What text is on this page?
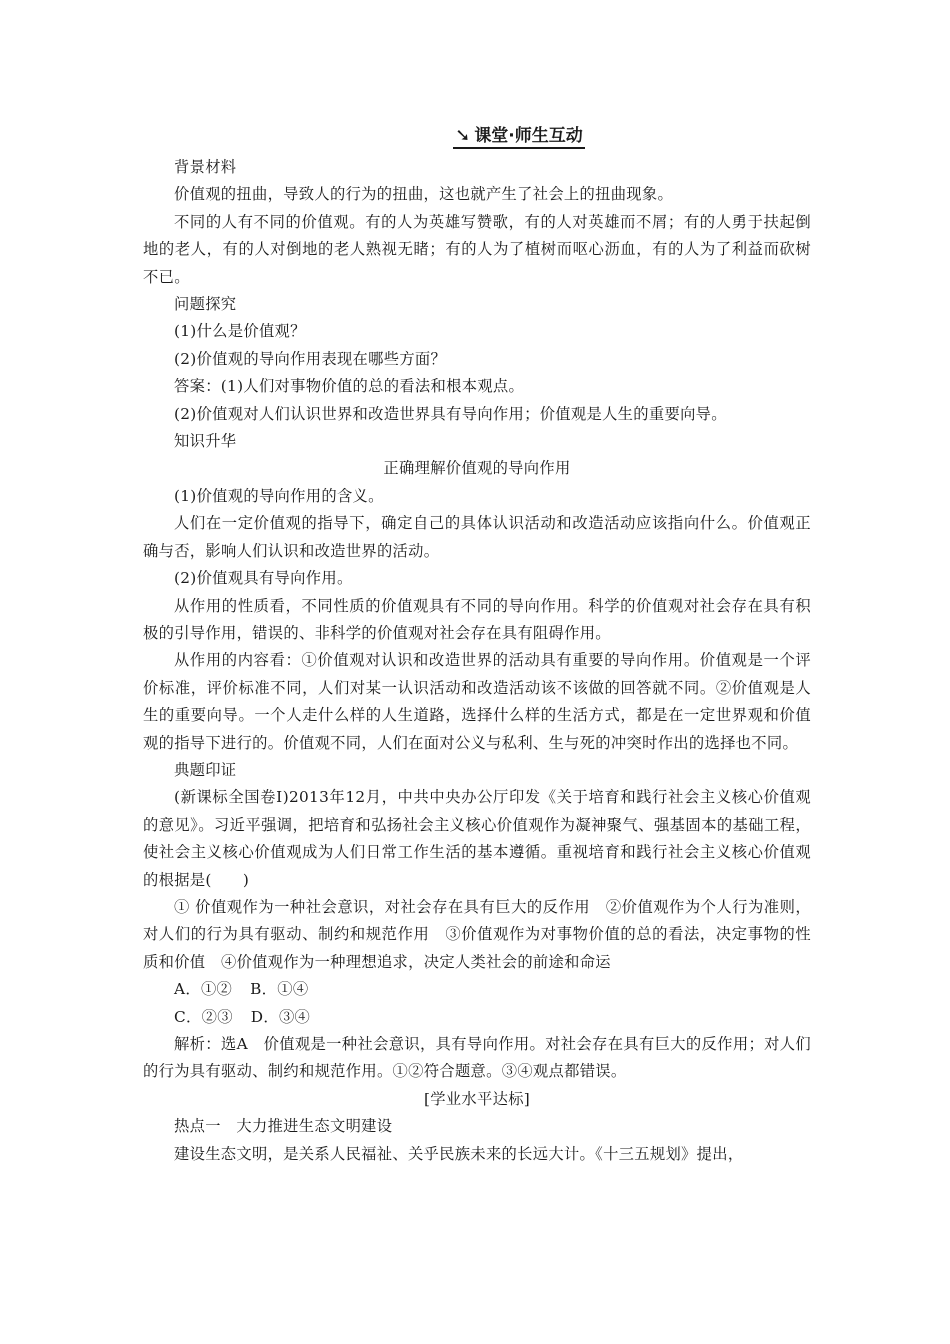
➘ 课堂·师生互动

背景材料

价值观的扭曲，导致人的行为的扭曲，这也就产生了社会上的扭曲现象。

不同的人有不同的价值观。有的人为英雄写赞歌，有的人对英雄而不屑；有的人勇于扶起倒地的老人，有的人对倒地的老人熟视无睹；有的人为了植树而呕心沥血，有的人为了利益而砍树不已。

问题探究

(1)什么是价值观？

(2)价值观的导向作用表现在哪些方面？

答案：(1)人们对事物价值的总的看法和根本观点。

(2)价值观对人们认识世界和改造世界具有导向作用；价值观是人生的重要向导。

知识升华

正确理解价值观的导向作用

(1)价值观的导向作用的含义。

人们在一定价值观的指导下，确定自己的具体认识活动和改造活动应该指向什么。价值观正确与否，影响人们认识和改造世界的活动。

(2)价值观具有导向作用。

从作用的性质看，不同性质的价值观具有不同的导向作用。科学的价值观对社会存在具有积极的引导作用，错误的、非科学的价值观对社会存在具有阻碍作用。

从作用的内容看：①价值观对认识和改造世界的活动具有重要的导向作用。价值观是一个评价标准，评价标准不同，人们对某一认识活动和改造活动该不该做的回答就不同。②价值观是人生的重要向导。一个人走什么样的人生道路，选择什么样的生活方式，都是在一定世界观和价值观的指导下进行的。价值观不同，人们在面对公义与私利、生与死的冲突时作出的选择也不同。

典题印证

(新课标全国卷Ⅰ)2013年12月，中共中央办公厅印发《关于培育和践行社会主义核心价值观的意见》。习近平强调，把培育和弘扬社会主义核心价值观作为凝神聚气、强基固本的基础工程，使社会主义核心价值观成为人们日常工作生活的基本遵循。重视培育和践行社会主义核心价值观的根据是(　　)

① 价值观作为一种社会意识，对社会存在具有巨大的反作用　②价值观作为个人行为准则，对人们的行为具有驱动、制约和规范作用　③价值观作为对事物价值的总的看法，决定事物的性质和价值　④价值观作为一种理想追求，决定人类社会的前途和命运

A．①② B．①④

C．②③ D．③④

解析：选A　价值观是一种社会意识，具有导向作用。对社会存在具有巨大的反作用；对人们的行为具有驱动、制约和规范作用。①②符合题意。③④观点都错误。

[学业水平达标]

热点一　大力推进生态文明建设

建设生态文明，是关系人民福祉、关乎民族未来的长远大计。《十三五规划》提出，
